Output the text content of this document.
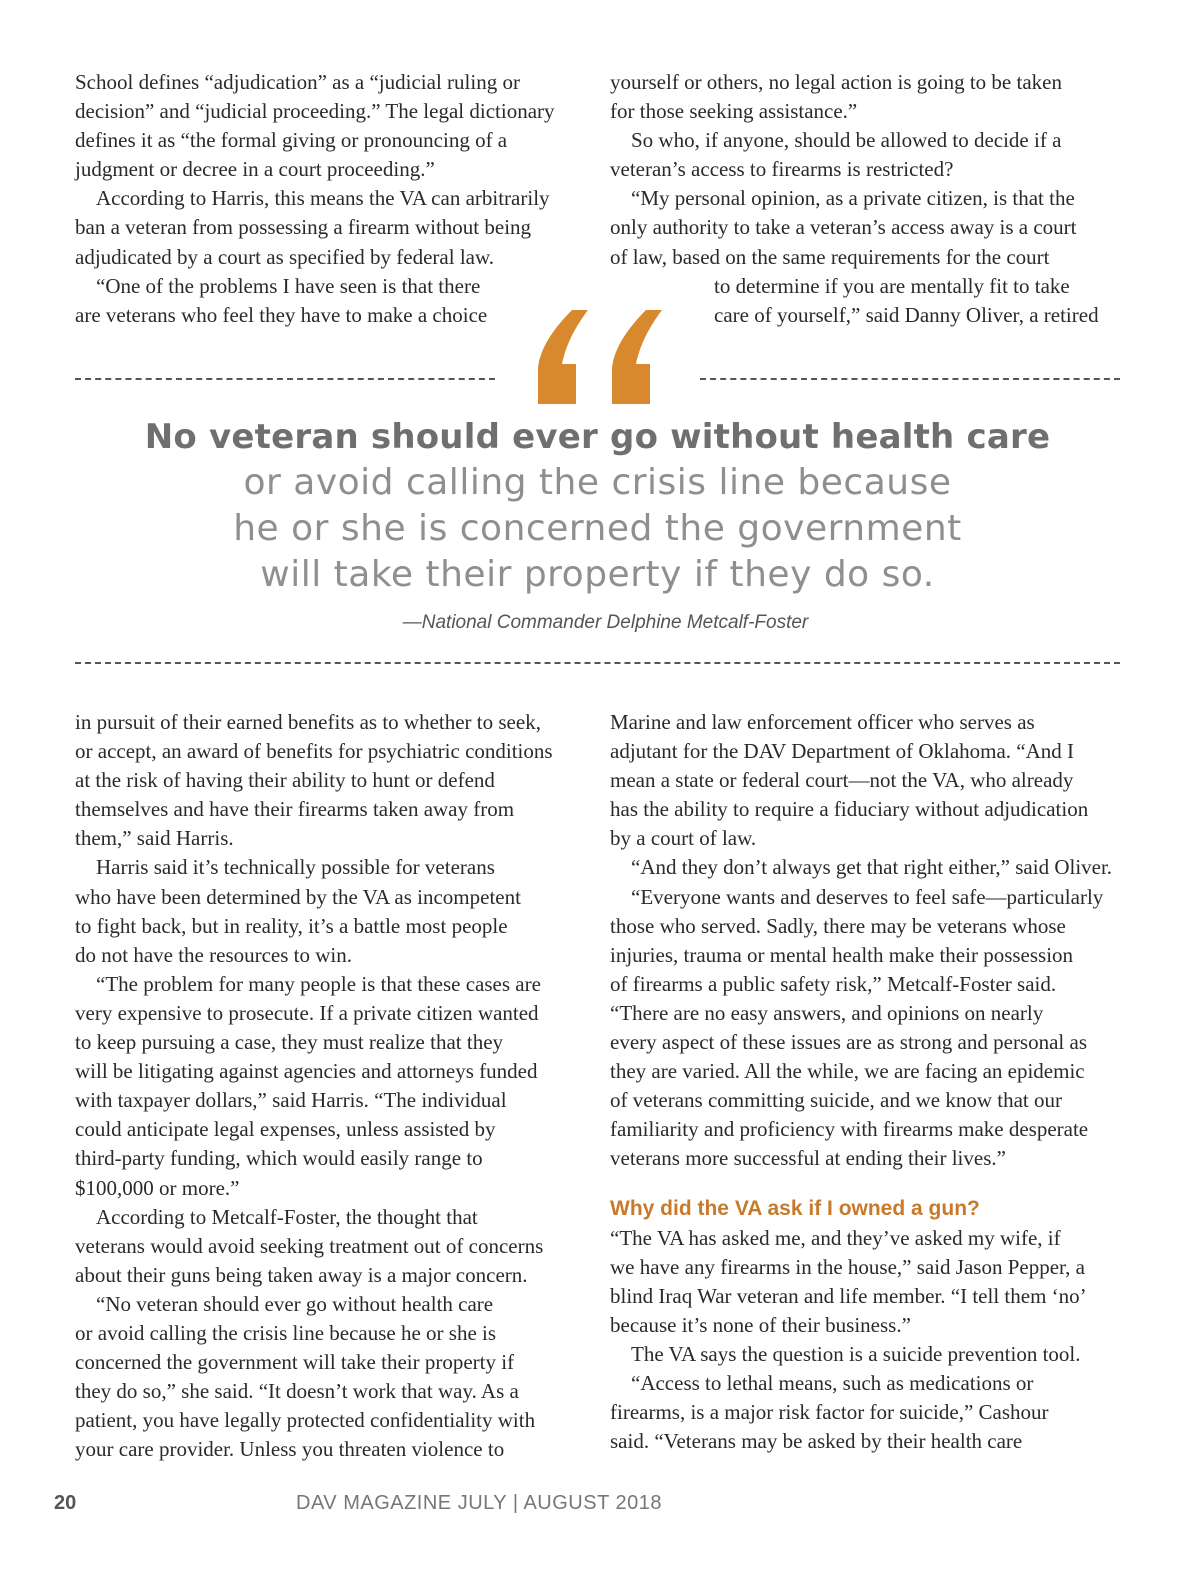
School defines “adjudication” as a “judicial ruling or

decision” and “judicial proceeding.” The legal dictionary

defines it as “the formal giving or pronouncing of a

judgment or decree in a court proceeding.”

According to Harris, this means the VA can arbitrarily

ban a veteran from possessing a firearm without being

adjudicated by a court as specified by federal law.

“One of the problems I have seen is that there

are veterans who feel they have to make a choice

yourself or others, no legal action is going to be taken

for those seeking assistance.”

So who, if anyone, should be allowed to decide if a

veteran’s access to firearms is restricted?

“My personal opinion, as a private citizen, is that the

only authority to take a veteran’s access away is a court

of law, based on the same requirements for the court

to determine if you are mentally fit to take

care of yourself,” said Danny Oliver, a retired

No veteran should ever go without health care
or avoid calling the crisis line because
he or she is concerned the government
will take their property if they do so.
—National Commander Delphine Metcalf-Foster

in pursuit of their earned benefits as to whether to seek,

or accept, an award of benefits for psychiatric conditions

at the risk of having their ability to hunt or defend

themselves and have their firearms taken away from

them,” said Harris.

Harris said it’s technically possible for veterans

who have been determined by the VA as incompetent

to fight back, but in reality, it’s a battle most people

do not have the resources to win.

“The problem for many people is that these cases are

very expensive to prosecute. If a private citizen wanted

to keep pursuing a case, they must realize that they

will be litigating against agencies and attorneys funded

with taxpayer dollars,” said Harris. “The individual

could anticipate legal expenses, unless assisted by

third-party funding, which would easily range to

$100,000 or more.”

According to Metcalf-Foster, the thought that

veterans would avoid seeking treatment out of concerns

about their guns being taken away is a major concern.

“No veteran should ever go without health care

or avoid calling the crisis line because he or she is

concerned the government will take their property if

they do so,” she said. “It doesn’t work that way. As a

patient, you have legally protected confidentiality with

your care provider. Unless you threaten violence to

Marine and law enforcement officer who serves as

adjutant for the DAV Department of Oklahoma. “And I

mean a state or federal court—not the VA, who already

has the ability to require a fiduciary without adjudication

by a court of law.

“And they don’t always get that right either,” said Oliver.

“Everyone wants and deserves to feel safe—particularly

those who served. Sadly, there may be veterans whose

injuries, trauma or mental health make their possession

of firearms a public safety risk,” Metcalf-Foster said.

“There are no easy answers, and opinions on nearly

every aspect of these issues are as strong and personal as

they are varied. All the while, we are facing an epidemic

of veterans committing suicide, and we know that our

familiarity and proficiency with firearms make desperate

veterans more successful at ending their lives.”

Why did the VA ask if I owned a gun?

“The VA has asked me, and they’ve asked my wife, if

we have any firearms in the house,” said Jason Pepper, a

blind Iraq War veteran and life member. “I tell them ‘no’

because it’s none of their business.”

The VA says the question is a suicide prevention tool.

“Access to lethal means, such as medications or

firearms, is a major risk factor for suicide,” Cashour

said. “Veterans may be asked by their health care

20	DAV MAGAZINE JULY | AUGUST 2018
